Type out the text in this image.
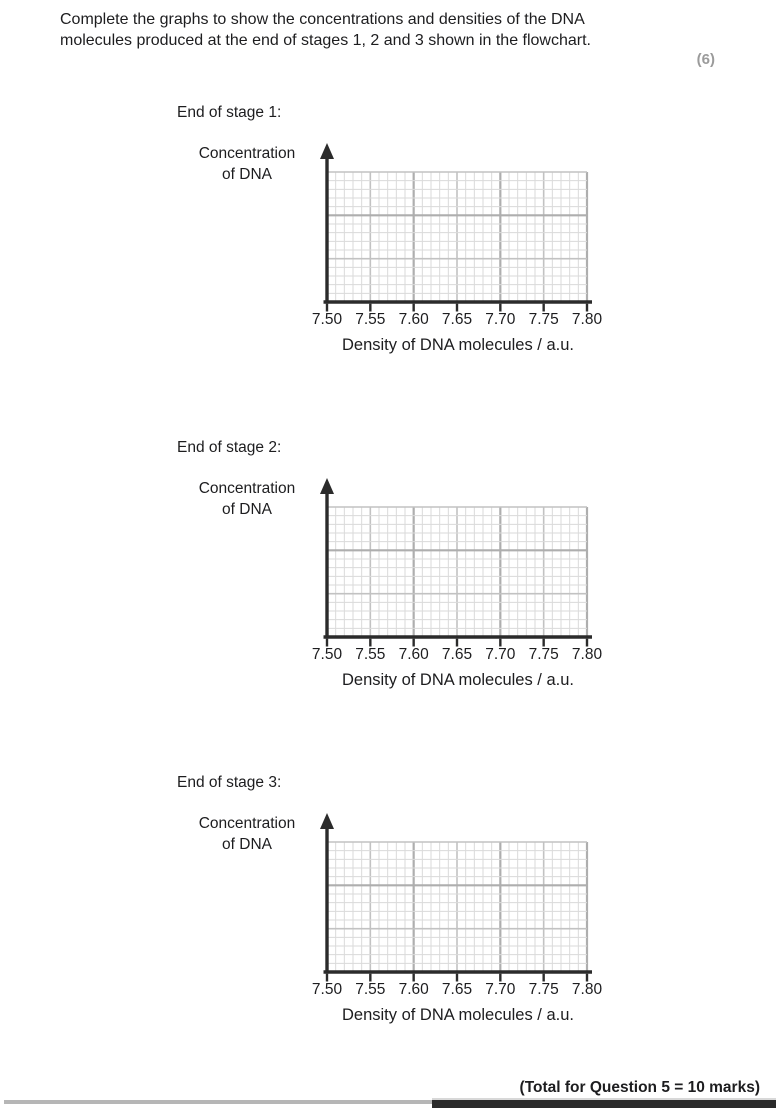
Complete the graphs to show the concentrations and densities of the DNA
molecules produced at the end of stages 1, 2 and 3 shown in the flowchart.
(6)
End of stage 1:
Concentration
of DNA
7.50 7.55 7.60 7.65 7.70 7.75 7.80
Density of DNA molecules / a.u.
End of stage 2:
Concentration
of DNA
7.50 7.55 7.60 7.65 7.70 7.75 7.80
Density of DNA molecules / a.u.
End of stage 3:
Concentration
of DNA
7.50 7.55 7.60 7.65 7.70 7.75 7.80
Density of DNA molecules / a.u.
(Total for Question 5 = 10 marks)
